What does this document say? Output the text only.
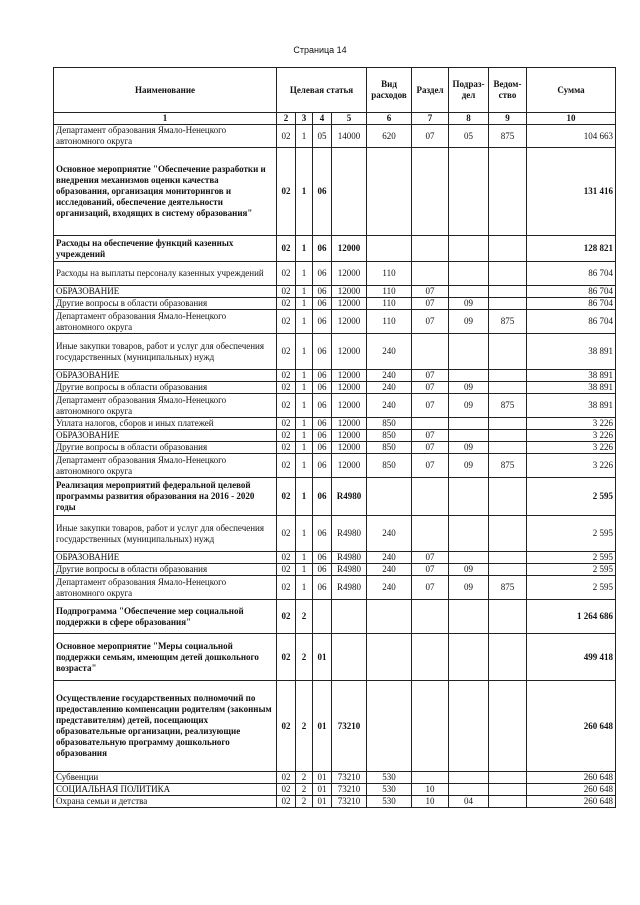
Страница 14
Наименование	Целевая статья				Вид расходов	Раздел	Подраз-дел	Ведом-ство	Сумма
1	2	3	4	5	6	7	8	9	10
Департамент образования Ямало-Ненецкого автономного округа	02	1	05	14000	620	07	05	875	104 663
Основное мероприятие "Обеспечение разработки и внедрения механизмов оценки качества образования, организация мониторингов и исследований, обеспечение деятельности организаций, входящих в систему образования"	02	1	06						131 416
Расходы на обеспечение функций казенных учреждений	02	1	06	12000					128 821
Расходы на выплаты персоналу казенных учреждений	02	1	06	12000	110				86 704
ОБРАЗОВАНИЕ	02	1	06	12000	110	07			86 704
Другие вопросы в области образования	02	1	06	12000	110	07	09		86 704
Департамент образования Ямало-Ненецкого автономного округа	02	1	06	12000	110	07	09	875	86 704
Иные закупки товаров, работ и услуг для обеспечения государственных (муниципальных) нужд	02	1	06	12000	240				38 891
ОБРАЗОВАНИЕ	02	1	06	12000	240	07			38 891
Другие вопросы в области образования	02	1	06	12000	240	07	09		38 891
Департамент образования Ямало-Ненецкого автономного округа	02	1	06	12000	240	07	09	875	38 891
Уплата налогов, сборов и иных платежей	02	1	06	12000	850				3 226
ОБРАЗОВАНИЕ	02	1	06	12000	850	07			3 226
Другие вопросы в области образования	02	1	06	12000	850	07	09		3 226
Департамент образования Ямало-Ненецкого автономного округа	02	1	06	12000	850	07	09	875	3 226
Реализация мероприятий федеральной целевой программы развития образования на 2016 - 2020 годы	02	1	06	R4980					2 595
Иные закупки товаров, работ и услуг для обеспечения государственных (муниципальных) нужд	02	1	06	R4980	240				2 595
ОБРАЗОВАНИЕ	02	1	06	R4980	240	07			2 595
Другие вопросы в области образования	02	1	06	R4980	240	07	09		2 595
Департамент образования Ямало-Ненецкого автономного округа	02	1	06	R4980	240	07	09	875	2 595
Подпрограмма "Обеспечение мер социальной поддержки в сфере образования"	02	2							1 264 686
Основное мероприятие "Меры социальной поддержки семьям, имеющим детей дошкольного возраста"	02	2	01						499 418
Осуществление государственных полномочий по предоставлению компенсации родителям (законным представителям) детей, посещающих образовательные организации, реализующие образовательную программу дошкольного образования	02	2	01	73210					260 648
Субвенции	02	2	01	73210	530				260 648
СОЦИАЛЬНАЯ ПОЛИТИКА	02	2	01	73210	530	10			260 648
Охрана семьи и детства	02	2	01	73210	530	10	04		260 648
